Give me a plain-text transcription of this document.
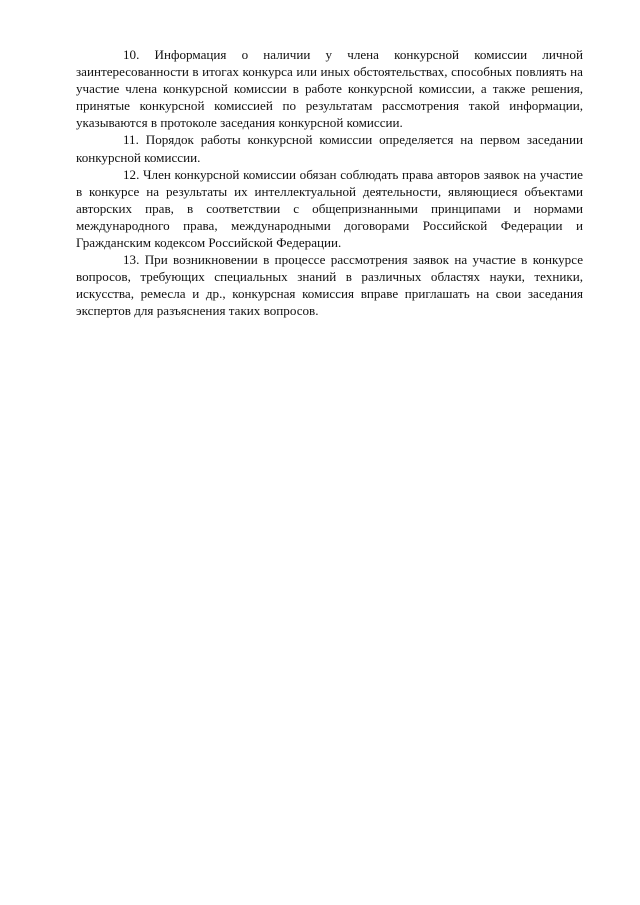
10. Информация о наличии у члена конкурсной комиссии личной заинтересованности в итогах конкурса или иных обстоятельствах, способных повлиять на участие члена конкурсной комиссии в работе конкурсной комиссии, а также решения, принятые конкурсной комиссией по результатам рассмотрения такой информации, указываются в протоколе заседания конкурсной комиссии.

11. Порядок работы конкурсной комиссии определяется на первом заседании конкурсной комиссии.

12. Член конкурсной комиссии обязан соблюдать права авторов заявок на участие в конкурсе на результаты их интеллектуальной деятельности, являющиеся объектами авторских прав, в соответствии с общепризнанными принципами и нормами международного права, международными договорами Российской Федерации и Гражданским кодексом Российской Федерации.

13. При возникновении в процессе рассмотрения заявок на участие в конкурсе вопросов, требующих специальных знаний в различных областях науки, техники, искусства, ремесла и др., конкурсная комиссия вправе приглашать на свои заседания экспертов для разъяснения таких вопросов.
